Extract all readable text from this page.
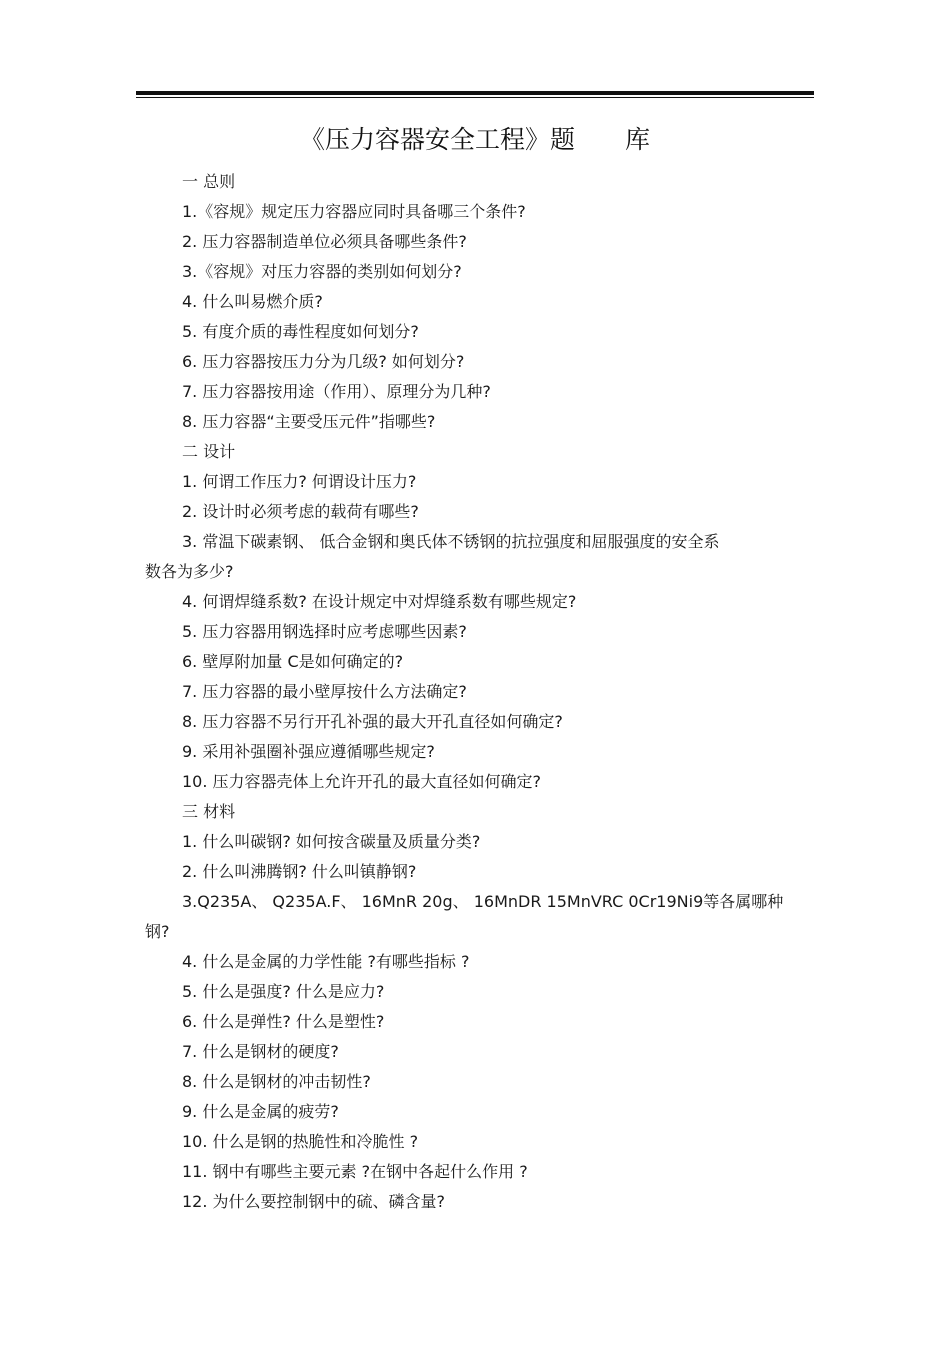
《压力容器安全工程》题　　库
一 总则
1.《容规》规定压力容器应同时具备哪三个条件?
2. 压力容器制造单位必须具备哪些条件?
3.《容规》对压力容器的类别如何划分?
4. 什么叫易燃介质?
5. 有度介质的毒性程度如何划分?
6. 压力容器按压力分为几级? 如何划分?
7. 压力容器按用途（作用）、原理分为几种?
8. 压力容器“主要受压元件”指哪些?
二 设计
1. 何谓工作压力? 何谓设计压力?
2. 设计时必须考虑的载荷有哪些?
3. 常温下碳素钢、 低合金钢和奥氏体不锈钢的抗拉强度和屈服强度的安全系
数各为多少?
4. 何谓焊缝系数? 在设计规定中对焊缝系数有哪些规定?
5. 压力容器用钢选择时应考虑哪些因素?
6. 壁厚附加量 C是如何确定的?
7. 压力容器的最小壁厚按什么方法确定?
8. 压力容器不另行开孔补强的最大开孔直径如何确定?
9. 采用补强圈补强应遵循哪些规定?
10. 压力容器壳体上允许开孔的最大直径如何确定?
三 材料
1. 什么叫碳钢? 如何按含碳量及质量分类?
2. 什么叫沸腾钢? 什么叫镇静钢?
3.Q235A、 Q235A.F、 16MnR 20g、 16MnDR 15MnVRC 0Cr19Ni9等各属哪种
钢?
4. 什么是金属的力学性能 ?有哪些指标 ?
5. 什么是强度? 什么是应力?
6. 什么是弹性? 什么是塑性?
7. 什么是钢材的硬度?
8. 什么是钢材的冲击韧性?
9. 什么是金属的疲劳?
10. 什么是钢的热脆性和冷脆性 ?
11. 钢中有哪些主要元素 ?在钢中各起什么作用 ?
12. 为什么要控制钢中的硫、磷含量?
